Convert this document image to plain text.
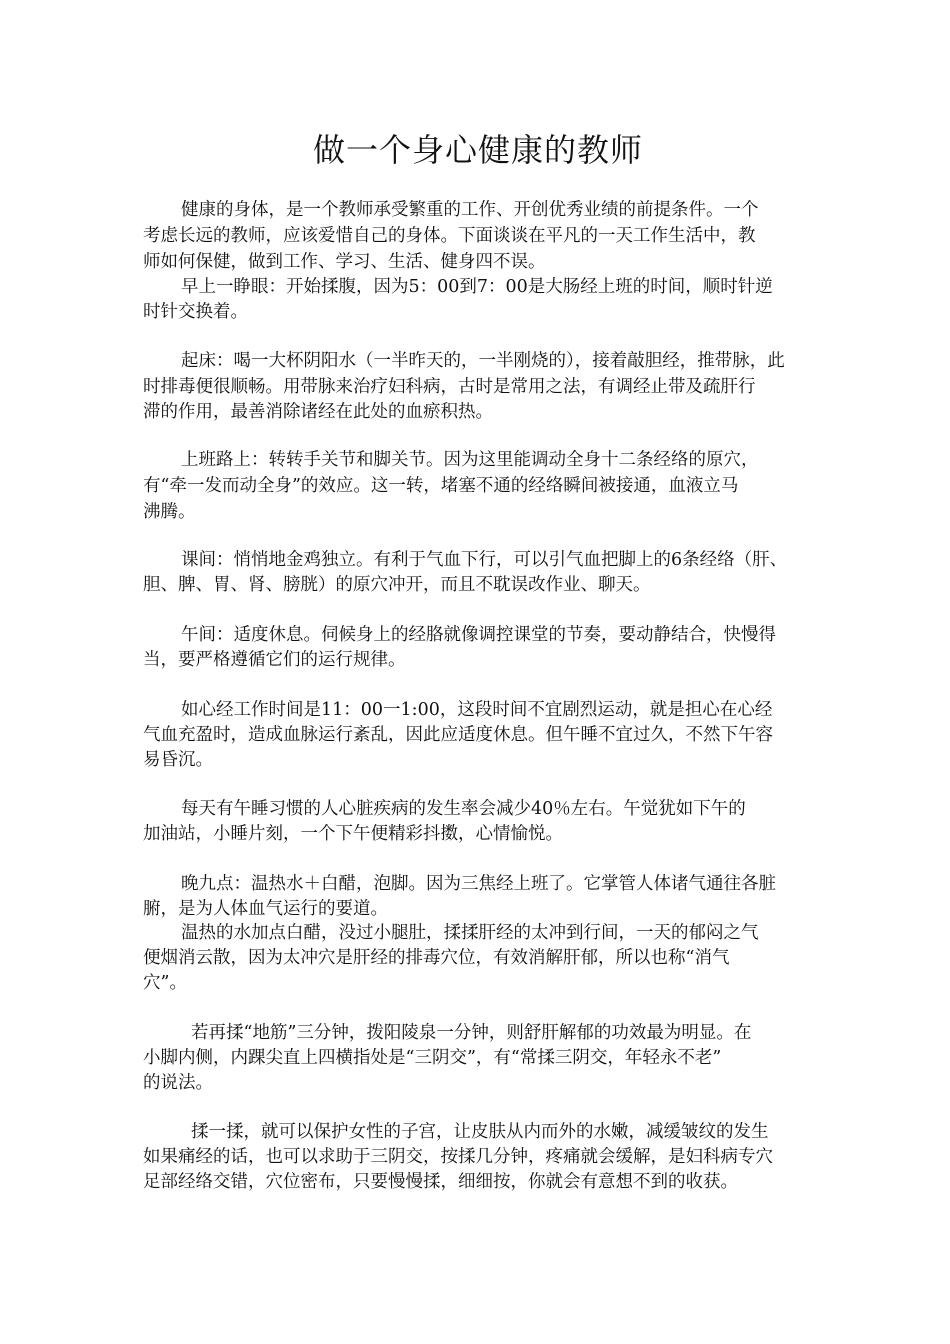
做一个身心健康的教师
健康的身体，是一个教师承受繁重的工作、开创优秀业绩的前提条件。一个
考虑长远的教师，应该爱惜自己的身体。下面谈谈在平凡的一天工作生活中，教
师如何保健，做到工作、学习、生活、健身四不误。
早上一睁眼：开始揉腹，因为5：00到7：00是大肠经上班的时间，顺时针逆
时针交换着。
起床：喝一大杯阴阳水（一半昨天的，一半刚烧的），接着敲胆经，推带脉，此
时排毒便很顺畅。用带脉来治疗妇科病，古时是常用之法，有调经止带及疏肝行
滞的作用，最善消除诸经在此处的血瘀积热。
上班路上：转转手关节和脚关节。因为这里能调动全身十二条经络的原穴，
有“牵一发而动全身”的效应。这一转，堵塞不通的经络瞬间被接通，血液立马
沸腾。
课间：悄悄地金鸡独立。有利于气血下行，可以引气血把脚上的6条经络（肝、
胆、脾、胃、肾、膀胱）的原穴冲开，而且不耽误改作业、聊天。
午间：适度休息。伺候身上的经胳就像调控课堂的节奏，要动静结合，快慢得
当，要严格遵循它们的运行规律。
如心经工作时间是11：00一1:00，这段时间不宜剧烈运动，就是担心在心经
气血充盈时，造成血脉运行紊乱，因此应适度休息。但午睡不宜过久，不然下午容
易昏沉。
每天有午睡习惯的人心脏疾病的发生率会减少40％左右。午觉犹如下午的
加油站，小睡片刻，一个下午便精彩抖擞，心情愉悦。
晚九点：温热水＋白醋，泡脚。因为三焦经上班了。它掌管人体诸气通往各脏
腑，是为人体血气运行的要道。
温热的水加点白醋，没过小腿肚，揉揉肝经的太冲到行间，一天的郁闷之气
便烟消云散，因为太冲穴是肝经的排毒穴位，有效消解肝郁，所以也称“消气
穴”。
若再揉“地筋”三分钟，拨阳陵泉一分钟，则舒肝解郁的功效最为明显。在
小脚内侧，内踝尖直上四横指处是“三阴交”，有“常揉三阴交，年轻永不老”
的说法。
揉一揉，就可以保护女性的子宫，让皮肤从内而外的水嫩，减缓皱纹的发生
如果痛经的话，也可以求助于三阴交，按揉几分钟，疼痛就会缓解，是妇科病专穴
足部经络交错，穴位密布，只要慢慢揉，细细按，你就会有意想不到的收获。
